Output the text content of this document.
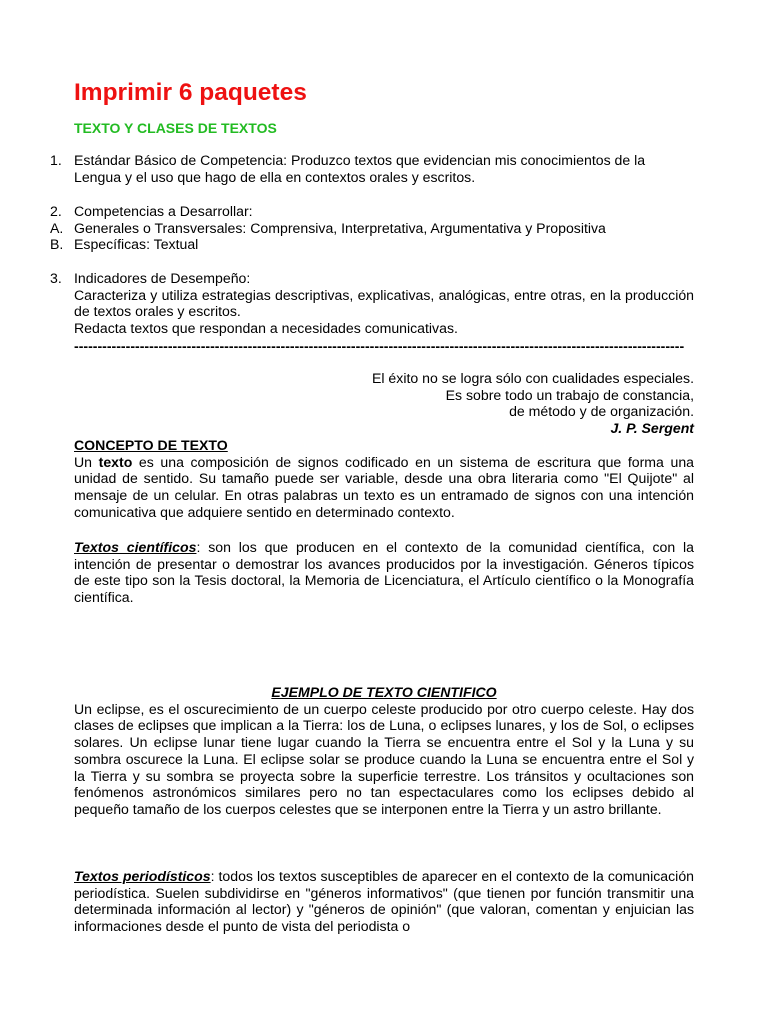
Imprimir 6 paquetes
TEXTO Y CLASES DE TEXTOS
1. Estándar Básico de Competencia: Produzco textos que evidencian mis conocimientos de la Lengua y el uso que hago de ella en contextos orales y escritos.
2. Competencias a Desarrollar:
A. Generales o Transversales: Comprensiva, Interpretativa, Argumentativa y Propositiva
B. Específicas: Textual
3. Indicadores de Desempeño:
Caracteriza y utiliza estrategias descriptivas, explicativas, analógicas, entre otras, en la producción de textos orales y escritos.
Redacta textos que respondan a necesidades comunicativas.
----------------------------------------------------------------------------------------------------------------------------------
El éxito no se logra sólo con cualidades especiales.
Es sobre todo un trabajo de constancia,
de método y de organización.
J. P. Sergent
CONCEPTO DE TEXTO
Un texto es una composición de signos codificado en un sistema de escritura que forma una unidad de sentido. Su tamaño puede ser variable, desde una obra literaria como "El Quijote" al mensaje de un celular. En otras palabras un texto es un entramado de signos con una intención comunicativa que adquiere sentido en determinado contexto.
Textos científicos: son los que producen en el contexto de la comunidad científica, con la intención de presentar o demostrar los avances producidos por la investigación. Géneros típicos de este tipo son la Tesis doctoral, la Memoria de Licenciatura, el Artículo científico o la Monografía científica.
EJEMPLO DE TEXTO CIENTIFICO
Un eclipse, es el oscurecimiento de un cuerpo celeste producido por otro cuerpo celeste. Hay dos clases de eclipses que implican a la Tierra: los de Luna, o eclipses lunares, y los de Sol, o eclipses solares. Un eclipse lunar tiene lugar cuando la Tierra se encuentra entre el Sol y la Luna y su sombra oscurece la Luna. El eclipse solar se produce cuando la Luna se encuentra entre el Sol y la Tierra y su sombra se proyecta sobre la superficie terrestre. Los tránsitos y ocultaciones son fenómenos astronómicos similares pero no tan espectaculares como los eclipses debido al pequeño tamaño de los cuerpos celestes que se interponen entre la Tierra y un astro brillante.
Textos periodísticos: todos los textos susceptibles de aparecer en el contexto de la comunicación periodística. Suelen subdividirse en "géneros informativos" (que tienen por función transmitir una determinada información al lector) y "géneros de opinión" (que valoran, comentan y enjuician las informaciones desde el punto de vista del periodista o
